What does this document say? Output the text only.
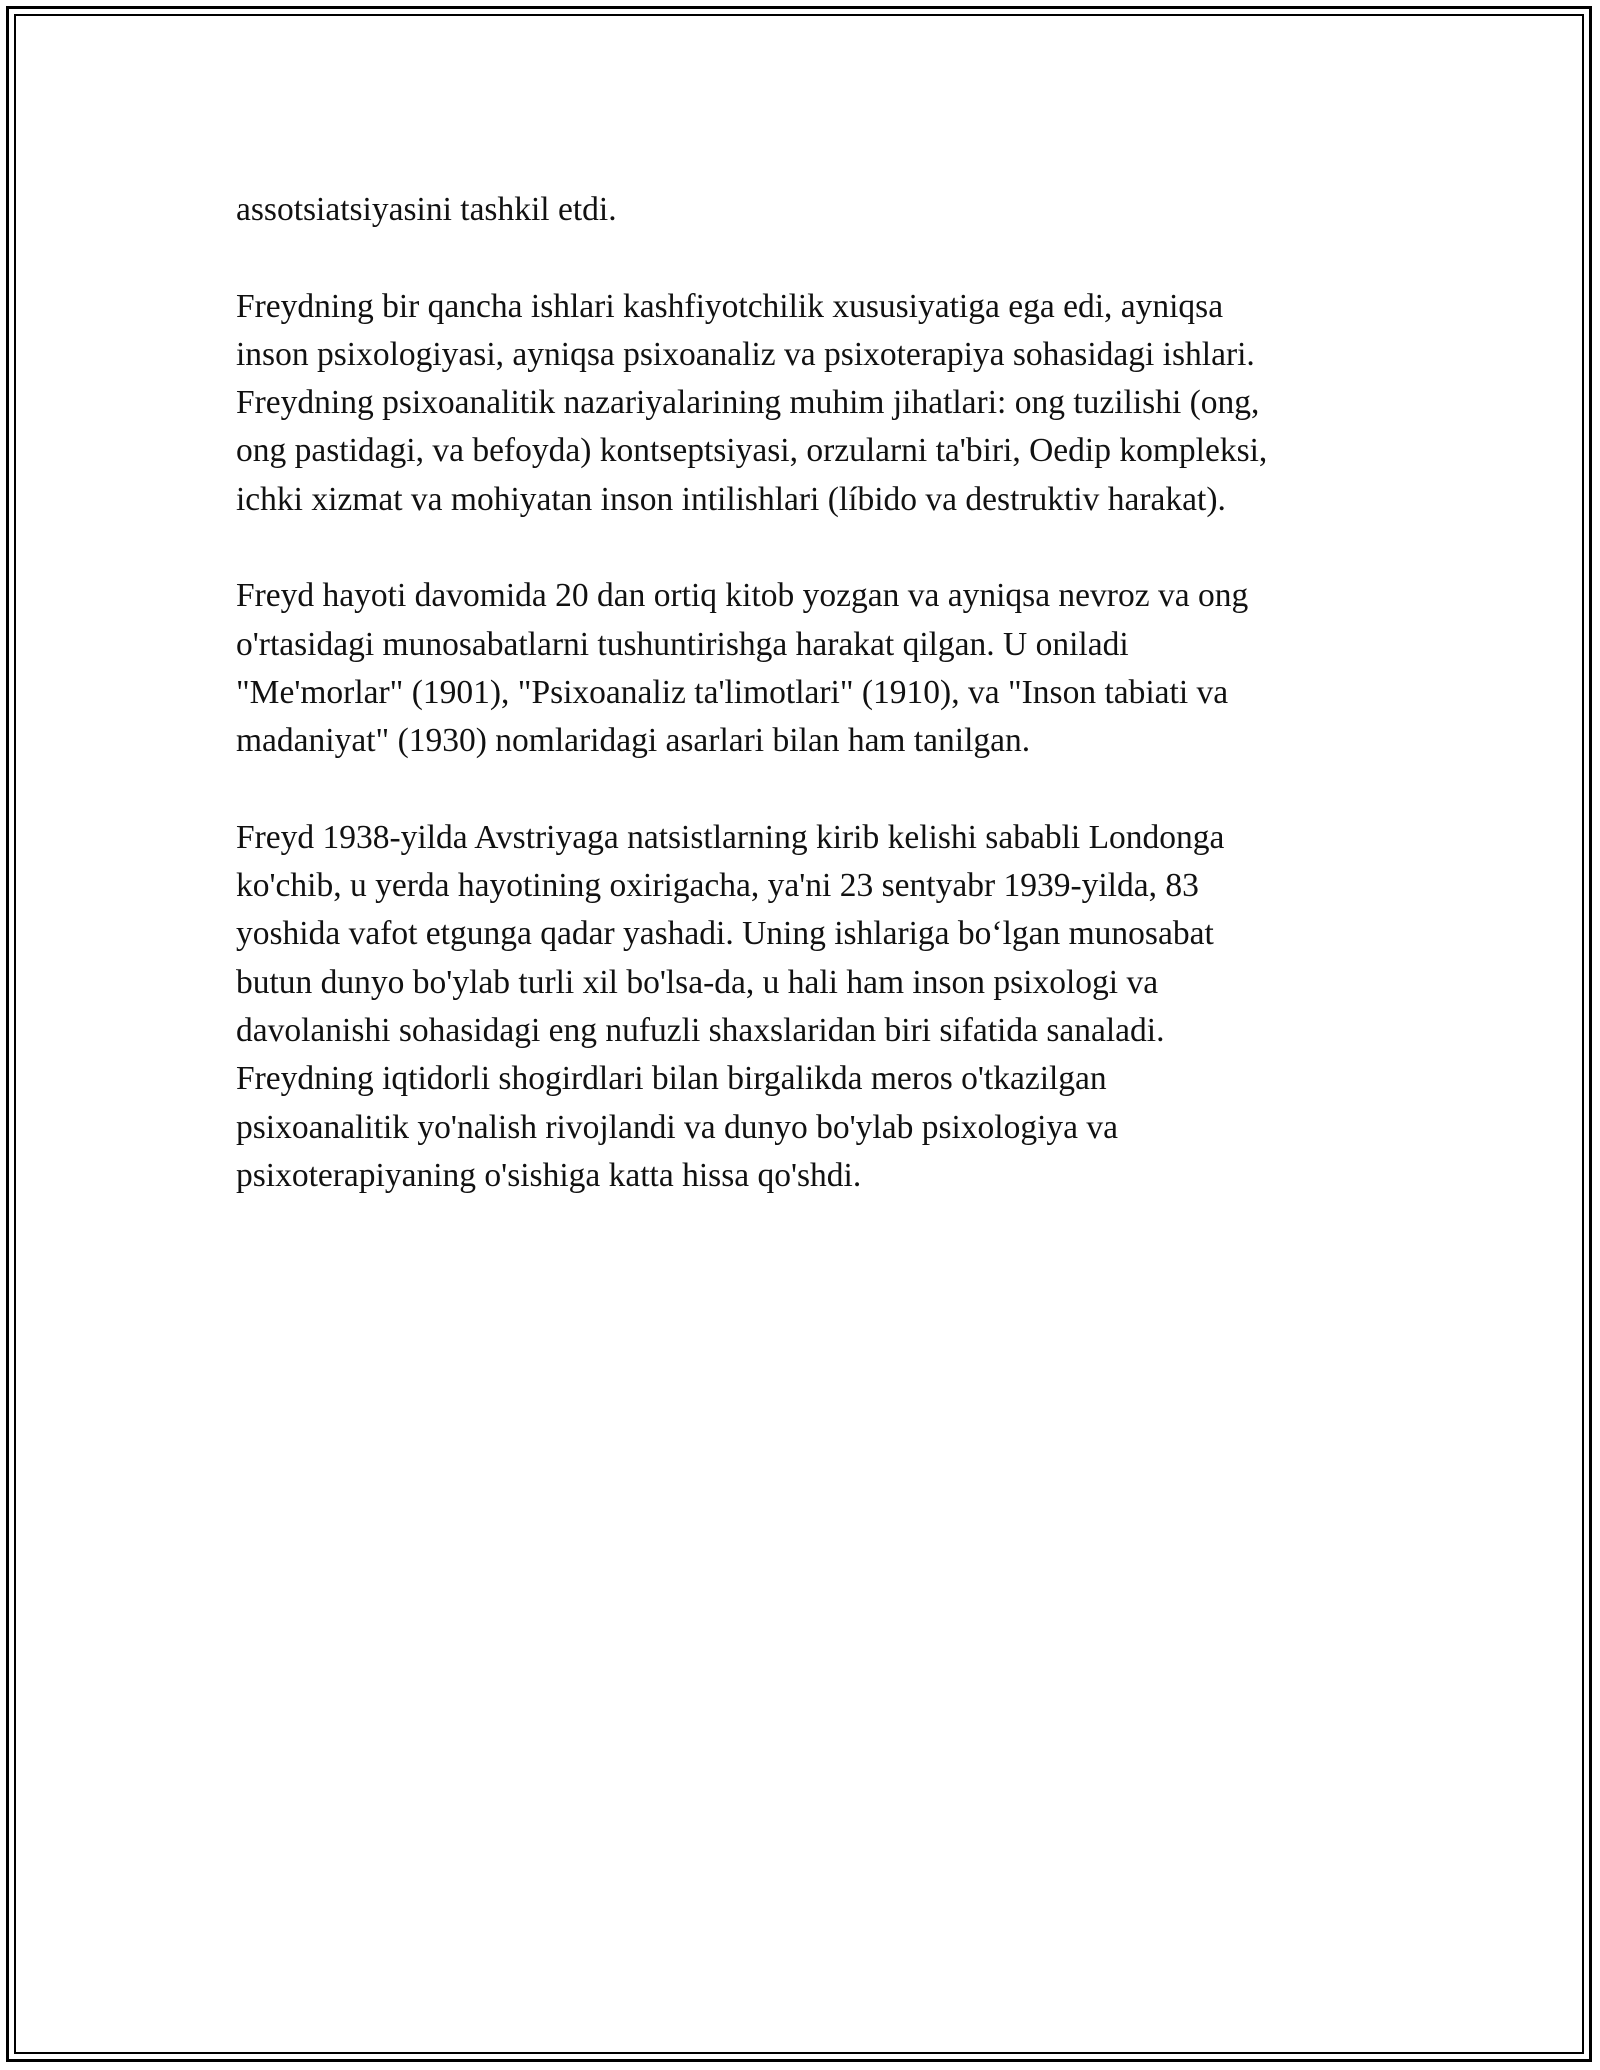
assotsiatsiyasini tashkil etdi.

Freydning bir qancha ishlari kashfiyotchilik xususiyatiga ega edi, ayniqsa
inson psixologiyasi, ayniqsa psixoanaliz va psixoterapiya sohasidagi ishlari.
Freydning psixoanalitik nazariyalarining muhim jihatlari: ong tuzilishi (ong,
ong pastidagi, va befoyda) kontseptsiyasi, orzularni ta'biri, Oedip kompleksi,
ichki xizmat va mohiyatan inson intilishlari (líbido va destruktiv harakat).

Freyd hayoti davomida 20 dan ortiq kitob yozgan va ayniqsa nevroz va ong
o'rtasidagi munosabatlarni tushuntirishga harakat qilgan. U oniladi
"Me'morlar" (1901), "Psixoanaliz ta'limotlari" (1910), va "Inson tabiati va
madaniyat" (1930) nomlaridagi asarlari bilan ham tanilgan.

Freyd 1938-yilda Avstriyaga natsistlarning kirib kelishi sababli Londonga
ko'chib, u yerda hayotining oxirigacha, ya'ni 23 sentyabr 1939-yilda, 83
yoshida vafot etgunga qadar yashadi. Uning ishlariga bo‘lgan munosabat
butun dunyo bo'ylab turli xil bo'lsa-da, u hali ham inson psixologi va
davolanishi sohasidagi eng nufuzli shaxslaridan biri sifatida sanaladi.
Freydning iqtidorli shogirdlari bilan birgalikda meros o'tkazilgan
psixoanalitik yo'nalish rivojlandi va dunyo bo'ylab psixologiya va
psixoterapiyaning o'sishiga katta hissa qo'shdi.
